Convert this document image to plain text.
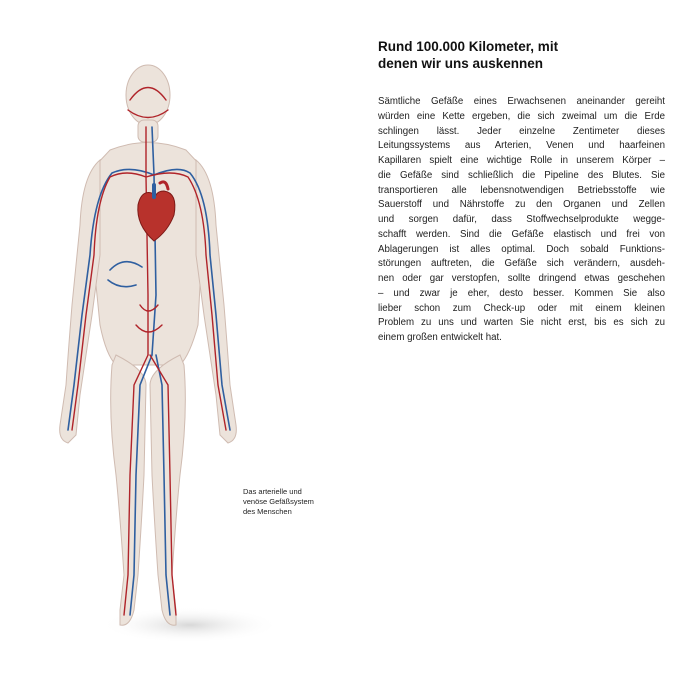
Das arterielle und
venöse Gefäßsystem
des Menschen
Rund 100.000 Kilometer, mit
denen wir uns auskennen
Sämtliche Gefäße eines Erwachsenen aneinander gereiht
würden eine Kette ergeben, die sich zweimal um die Erde
schlingen lässt. Jeder einzelne Zentimeter dieses
Leitungssystems aus Arterien, Venen und haarfeinen
Kapillaren spielt eine wichtige Rolle in unserem Körper –
die Gefäße sind schließlich die Pipeline des Blutes. Sie
transportieren alle lebensnotwendigen Betriebsstoffe wie
Sauerstoff und Nährstoffe zu den Organen und Zellen
und sorgen dafür, dass Stoffwechselprodukte wegge-
schafft werden. Sind die Gefäße elastisch und frei von
Ablagerungen ist alles optimal. Doch sobald Funktions-
störungen auftreten, die Gefäße sich verändern, ausdeh-
nen oder gar verstopfen, sollte dringend etwas geschehen
– und zwar je eher, desto besser. Kommen Sie also
lieber schon zum Check-up oder mit einem kleinen
Problem zu uns und warten Sie nicht erst, bis es sich zu
einem großen entwickelt hat.
